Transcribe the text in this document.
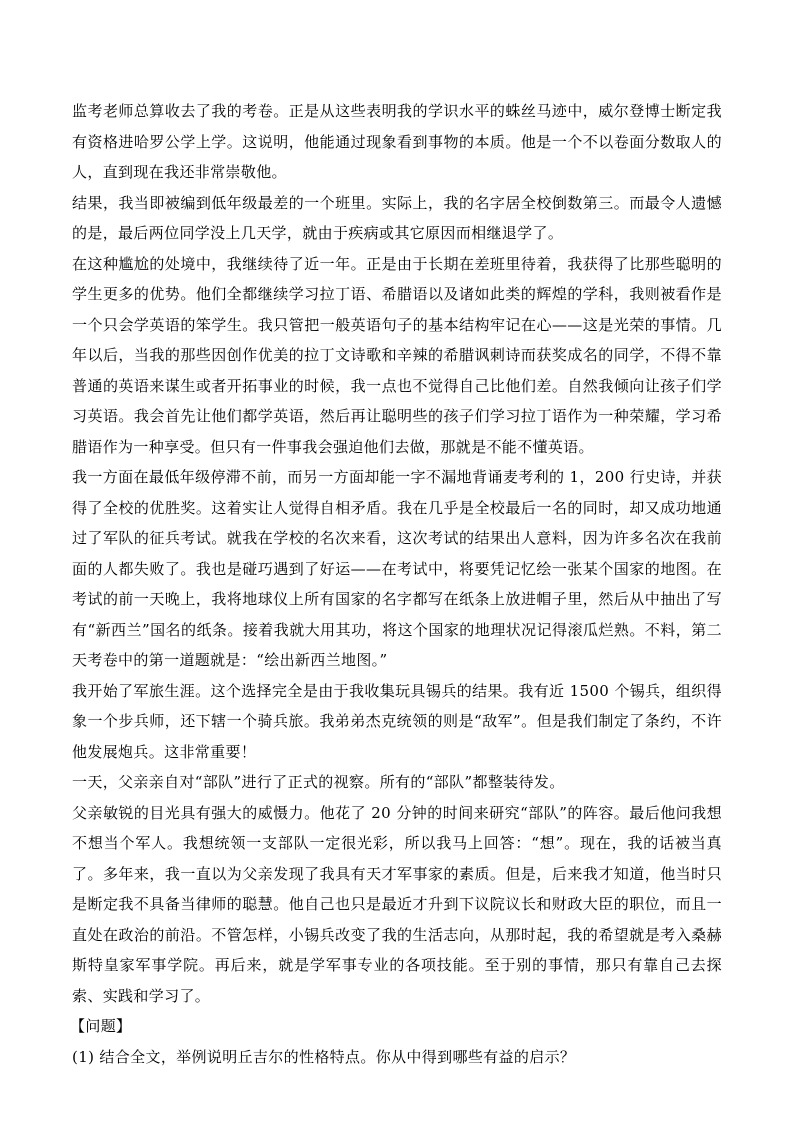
监考老师总算收去了我的考卷。正是从这些表明我的学识水平的蛛丝马迹中，威尔登博士断定我有资格进哈罗公学上学。这说明，他能通过现象看到事物的本质。他是一个不以卷面分数取人的人，直到现在我还非常崇敬他。

结果，我当即被编到低年级最差的一个班里。实际上，我的名字居全校倒数第三。而最令人遗憾的是，最后两位同学没上几天学，就由于疾病或其它原因而相继退学了。

在这种尴尬的处境中，我继续待了近一年。正是由于长期在差班里待着，我获得了比那些聪明的学生更多的优势。他们全都继续学习拉丁语、希腊语以及诸如此类的辉煌的学科，我则被看作是一个只会学英语的笨学生。我只管把一般英语句子的基本结构牢记在心——这是光荣的事情。几年以后，当我的那些因创作优美的拉丁文诗歌和辛辣的希腊讽刺诗而获奖成名的同学，不得不靠普通的英语来谋生或者开拓事业的时候，我一点也不觉得自己比他们差。自然我倾向让孩子们学习英语。我会首先让他们都学英语，然后再让聪明些的孩子们学习拉丁语作为一种荣耀，学习希腊语作为一种享受。但只有一件事我会强迫他们去做，那就是不能不懂英语。

我一方面在最低年级停滞不前，而另一方面却能一字不漏地背诵麦考利的 1，200 行史诗，并获得了全校的优胜奖。这着实让人觉得自相矛盾。我在几乎是全校最后一名的同时，却又成功地通过了军队的征兵考试。就我在学校的名次来看，这次考试的结果出人意料，因为许多名次在我前面的人都失败了。我也是碰巧遇到了好运——在考试中，将要凭记忆绘一张某个国家的地图。在考试的前一天晚上，我将地球仪上所有国家的名字都写在纸条上放进帽子里，然后从中抽出了写有“新西兰”国名的纸条。接着我就大用其功，将这个国家的地理状况记得滚瓜烂熟。不料，第二天考卷中的第一道题就是：“绘出新西兰地图。”

我开始了军旅生涯。这个选择完全是由于我收集玩具锡兵的结果。我有近 1500 个锡兵，组织得象一个步兵师，还下辖一个骑兵旅。我弟弟杰克统领的则是“敌军”。但是我们制定了条约，不许他发展炮兵。这非常重要！

一天，父亲亲自对“部队”进行了正式的视察。所有的“部队”都整装待发。

父亲敏锐的目光具有强大的威慑力。他花了 20 分钟的时间来研究“部队”的阵容。最后他问我想不想当个军人。我想统领一支部队一定很光彩，所以我马上回答：“想”。现在，我的话被当真了。多年来，我一直以为父亲发现了我具有天才军事家的素质。但是，后来我才知道，他当时只是断定我不具备当律师的聪慧。他自己也只是最近才升到下议院议长和财政大臣的职位，而且一直处在政治的前沿。不管怎样，小锡兵改变了我的生活志向，从那时起，我的希望就是考入桑赫斯特皇家军事学院。再后来，就是学军事专业的各项技能。至于别的事情，那只有靠自己去探索、实践和学习了。

【问题】

(1) 结合全文，举例说明丘吉尔的性格特点。你从中得到哪些有益的启示？
